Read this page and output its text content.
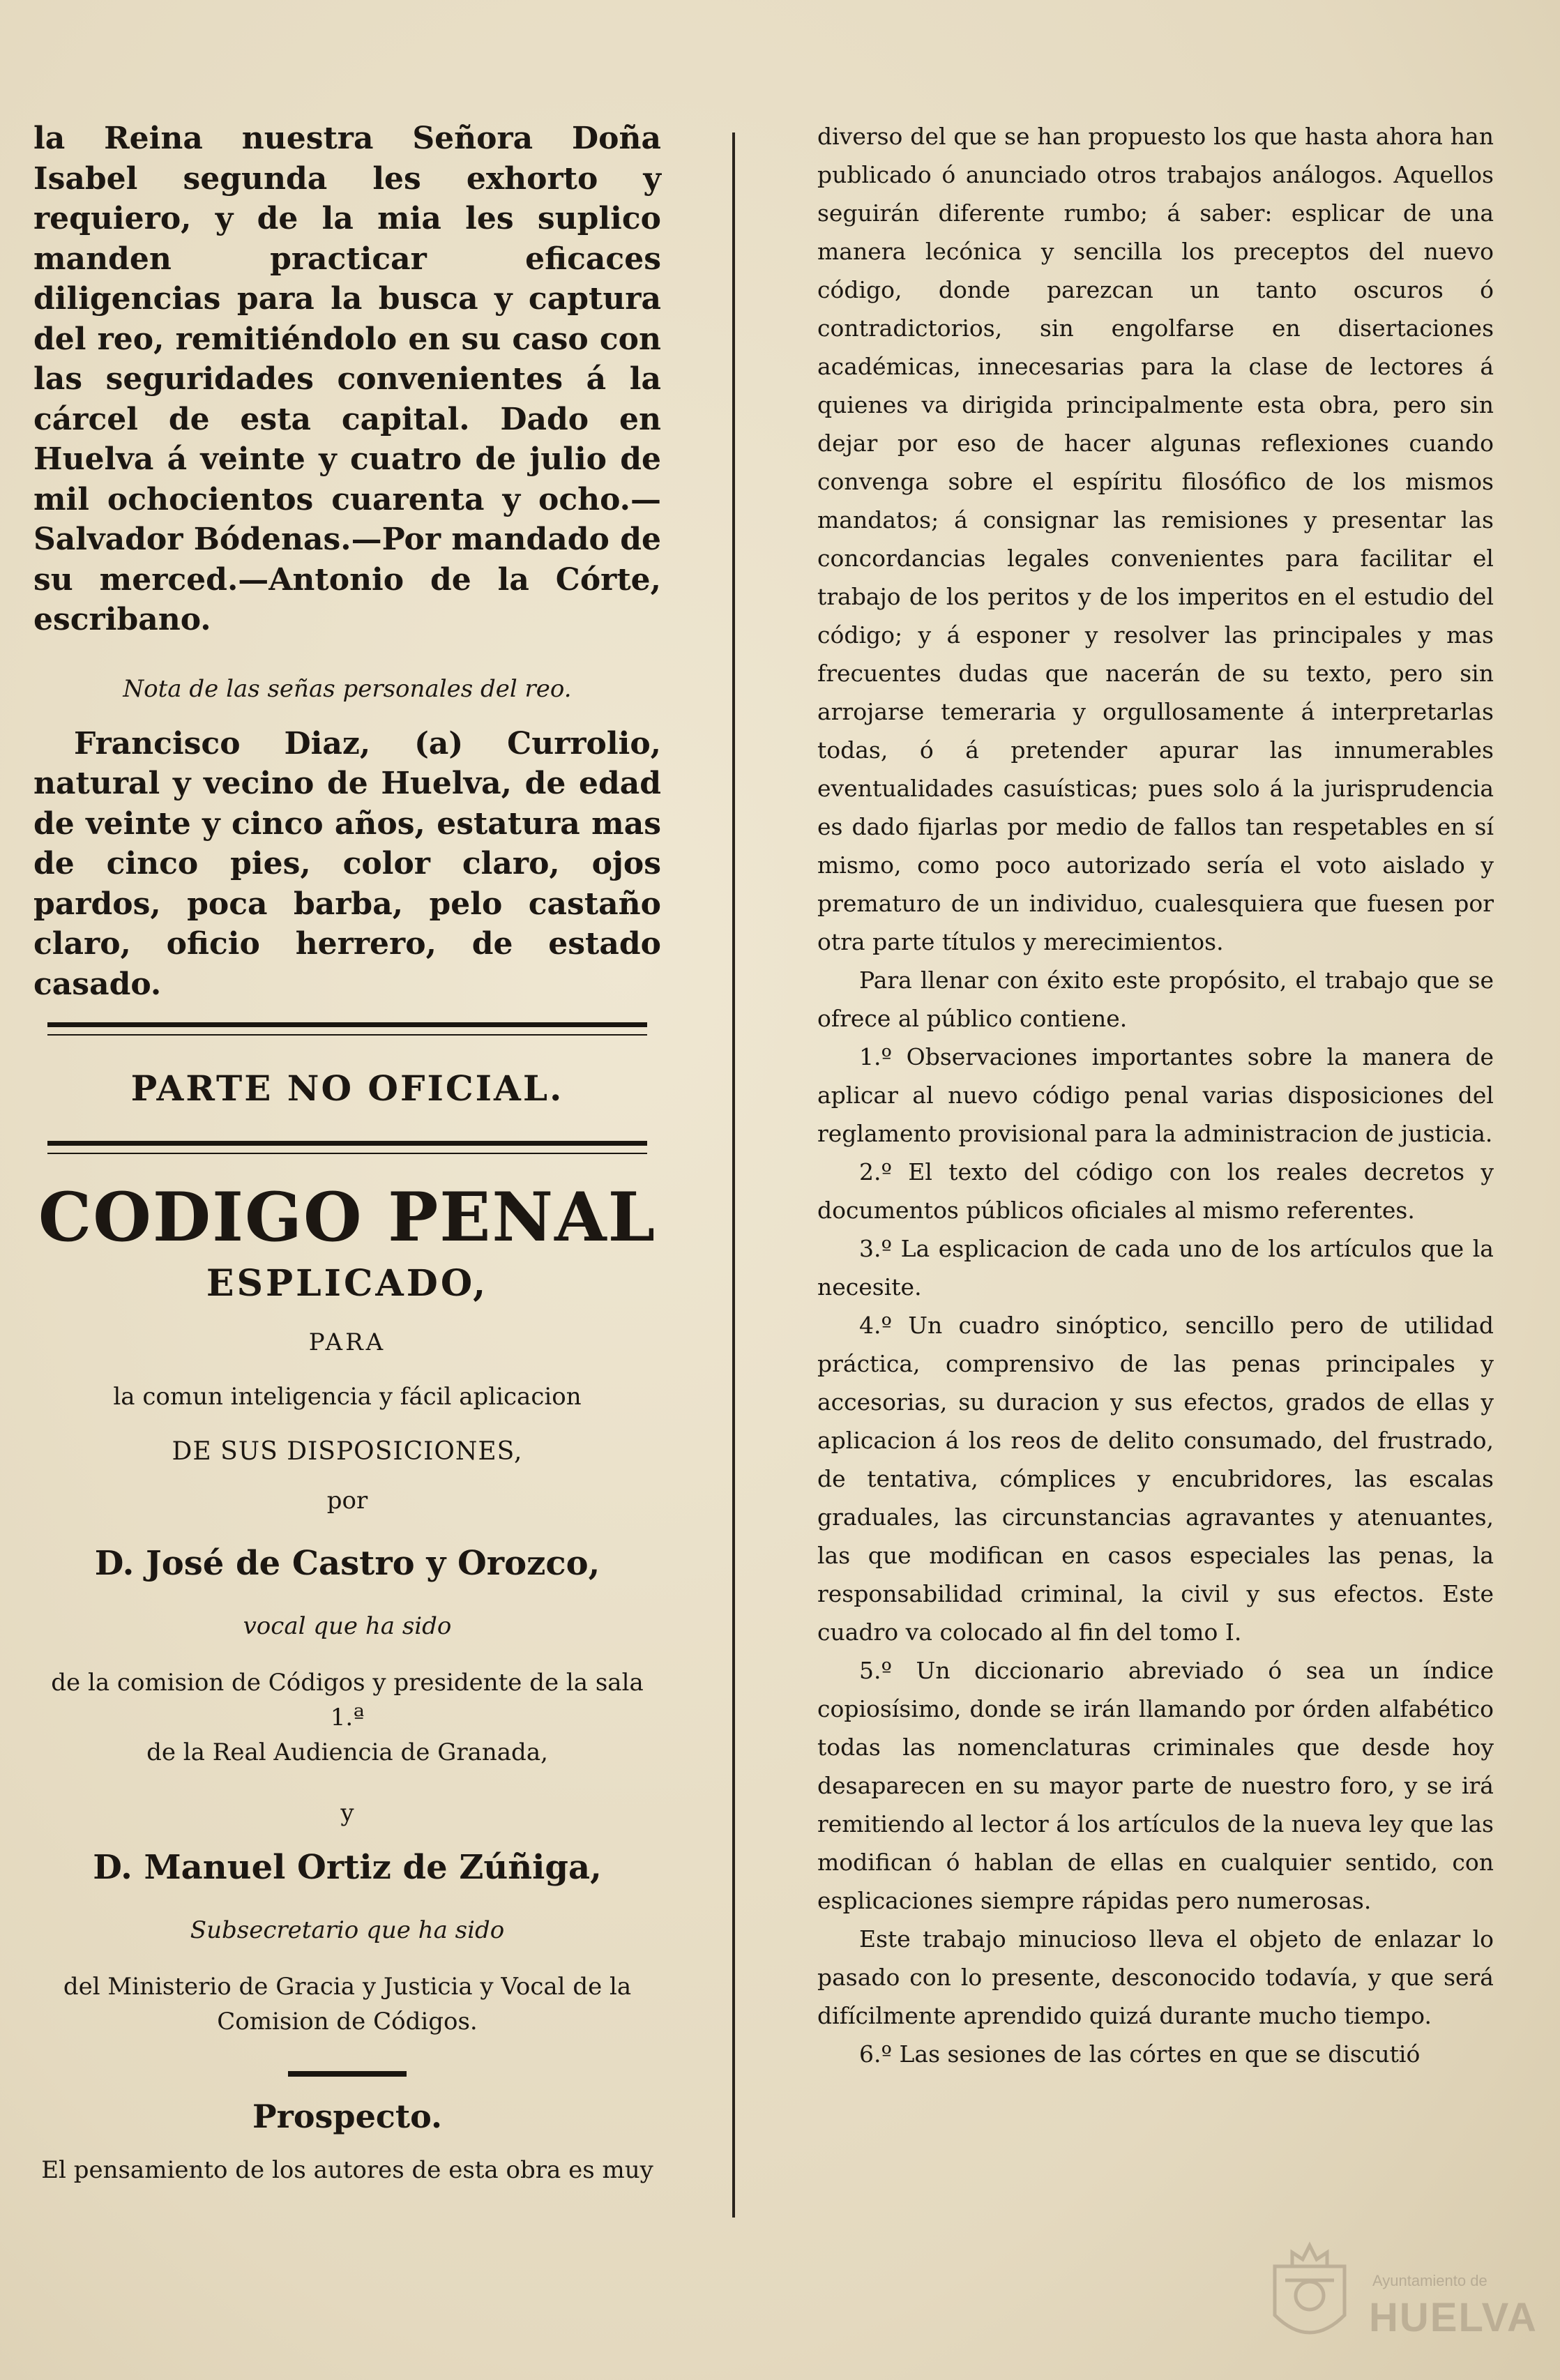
la Reina nuestra Señora Doña Isabel segunda les exhorto y requiero, y de la mia les suplico manden practicar eficaces diligencias para la busca y captura del reo, remitiéndolo en su caso con las seguridades convenientes á la cárcel de esta capital. Dado en Huelva á veinte y cuatro de julio de mil ochocientos cuarenta y ocho.—Salvador Bódenas.—Por mandado de su merced.—Antonio de la Córte, escribano.

Nota de las señas personales del reo.

Francisco Diaz, (a) Currolio, natural y vecino de Huelva, de edad de veinte y cinco años, estatura mas de cinco pies, color claro, ojos pardos, poca barba, pelo castaño claro, oficio herrero, de estado casado.

PARTE NO OFICIAL.
CODIGO PENAL
ESPLICADO,
PARA
la comun inteligencia y fácil aplicacion
DE SUS DISPOSICIONES,
por
D. José de Castro y Orozco,
vocal que ha sido
de la comision de Códigos y presidente de la sala 1.ª
de la Real Audiencia de Granada,
y
D. Manuel Ortiz de Zúñiga,
Subsecretario que ha sido
del Ministerio de Gracia y Justicia y Vocal de la
Comision de Códigos.
Prospecto.
El pensamiento de los autores de esta obra es muy

diverso del que se han propuesto los que hasta ahora han publicado ó anunciado otros trabajos análogos. Aquellos seguirán diferente rumbo; á saber: esplicar de una manera lecónica y sencilla los preceptos del nuevo código, donde parezcan un tanto oscuros ó contradictorios, sin engolfarse en disertaciones académicas, innecesarias para la clase de lectores á quienes va dirigida principalmente esta obra, pero sin dejar por eso de hacer algunas reflexiones cuando convenga sobre el espíritu filosófico de los mismos mandatos; á consignar las remisiones y presentar las concordancias legales convenientes para facilitar el trabajo de los peritos y de los imperitos en el estudio del código; y á esponer y resolver las principales y mas frecuentes dudas que nacerán de su texto, pero sin arrojarse temeraria y orgullosamente á interpretarlas todas, ó á pretender apurar las innumerables eventualidades casuísticas; pues solo á la jurisprudencia es dado fijarlas por medio de fallos tan respetables en sí mismo, como poco autorizado sería el voto aislado y prematuro de un individuo, cualesquiera que fuesen por otra parte títulos y merecimientos.

Para llenar con éxito este propósito, el trabajo que se ofrece al público contiene.

1.º Observaciones importantes sobre la manera de aplicar al nuevo código penal varias disposiciones del reglamento provisional para la administracion de justicia.

2.º El texto del código con los reales decretos y documentos públicos oficiales al mismo referentes.

3.º La esplicacion de cada uno de los artículos que la necesite.

4.º Un cuadro sinóptico, sencillo pero de utilidad práctica, comprensivo de las penas principales y accesorias, su duracion y sus efectos, grados de ellas y aplicacion á los reos de delito consumado, del frustrado, de tentativa, cómplices y encubridores, las escalas graduales, las circunstancias agravantes y atenuantes, las que modifican en casos especiales las penas, la responsabilidad criminal, la civil y sus efectos. Este cuadro va colocado al fin del tomo I.

5.º Un diccionario abreviado ó sea un índice copiosísimo, donde se irán llamando por órden alfabético todas las nomenclaturas criminales que desde hoy desaparecen en su mayor parte de nuestro foro, y se irá remitiendo al lector á los artículos de la nueva ley que las modifican ó hablan de ellas en cualquier sentido, con esplicaciones siempre rápidas pero numerosas.

Este trabajo minucioso lleva el objeto de enlazar lo pasado con lo presente, desconocido todavía, y que será difícilmente aprendido quizá durante mucho tiempo.

6.º Las sesiones de las córtes en que se discutió

Ayuntamiento de
HUELVA
